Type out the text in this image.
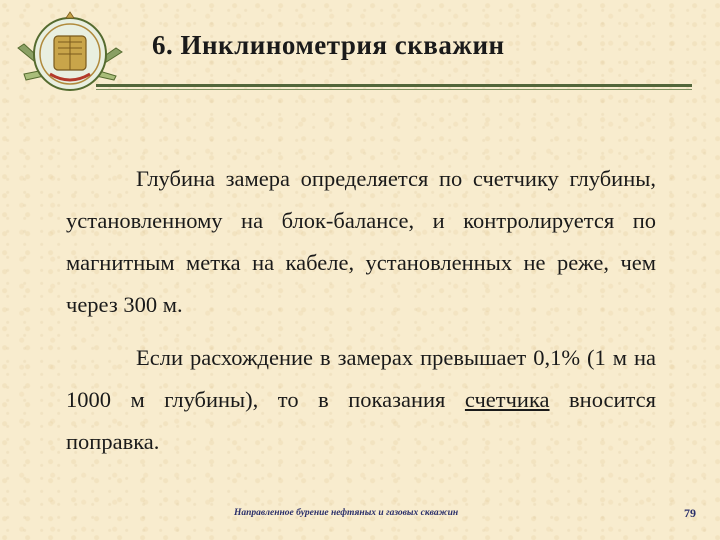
6. Инклинометрия скважин

Глубина замера определяется по счетчику глубины, установленному на блок-балансе, и контролируется по магнитным метка на кабеле, установленных не реже, чем через 300 м.

Если расхождение в замерах превышает 0,1% (1 м на 1000 м глубины), то в показания счетчика вносится поправка.

Направленное бурение нефтяных и газовых скважин	79
